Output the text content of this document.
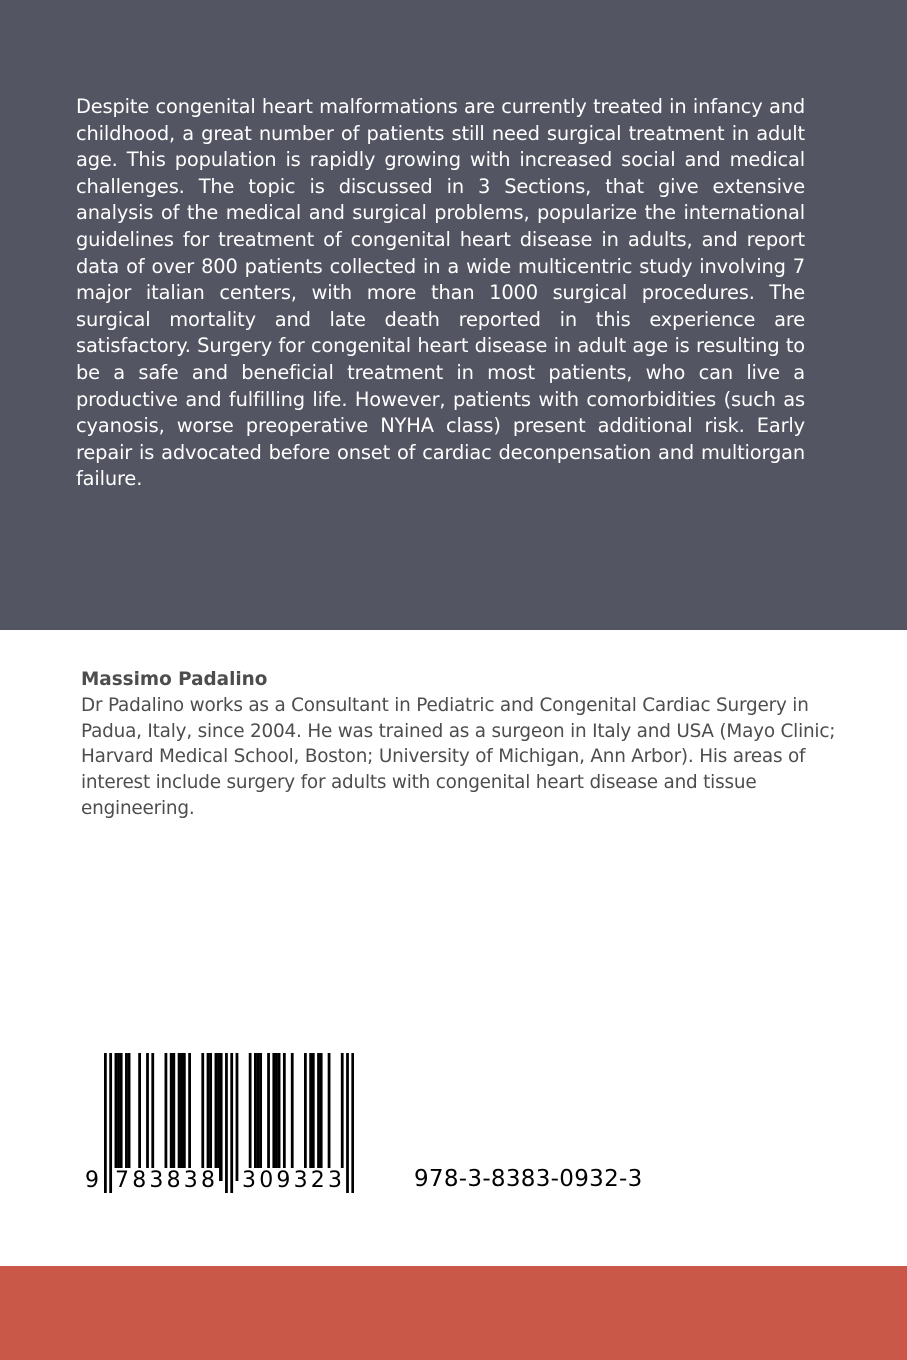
Despite congenital heart malformations are currently treated in infancy and childhood, a great number of patients still need surgical treatment in adult age. This population is rapidly growing with increased social and medical challenges. The topic is discussed in 3 Sections, that give extensive analysis of the medical and surgical problems, popularize the international guidelines for treatment of congenital heart disease in adults, and report data of over 800 patients collected in a wide multicentric study involving 7 major italian centers, with more than 1000 surgical procedures. The surgical mortality and late death reported in this experience are satisfactory. Surgery for congenital heart disease in adult age is resulting to be a safe and beneficial treatment in most patients, who can live a productive and fulfilling life. However, patients with comorbidities (such as cyanosis, worse preoperative NYHA class) present additional risk. Early repair is advocated before onset of cardiac deconpensation and multiorgan failure.

Massimo Padalino

Dr Padalino works as a Consultant in Pediatric and Congenital Cardiac Surgery in Padua, Italy, since 2004. He was trained as a surgeon in Italy and USA (Mayo Clinic; Harvard Medical School, Boston; University of Michigan, Ann Arbor). His areas of interest include surgery for adults with congenital heart disease and tissue engineering.

9 783838 309323	978-3-8383-0932-3
